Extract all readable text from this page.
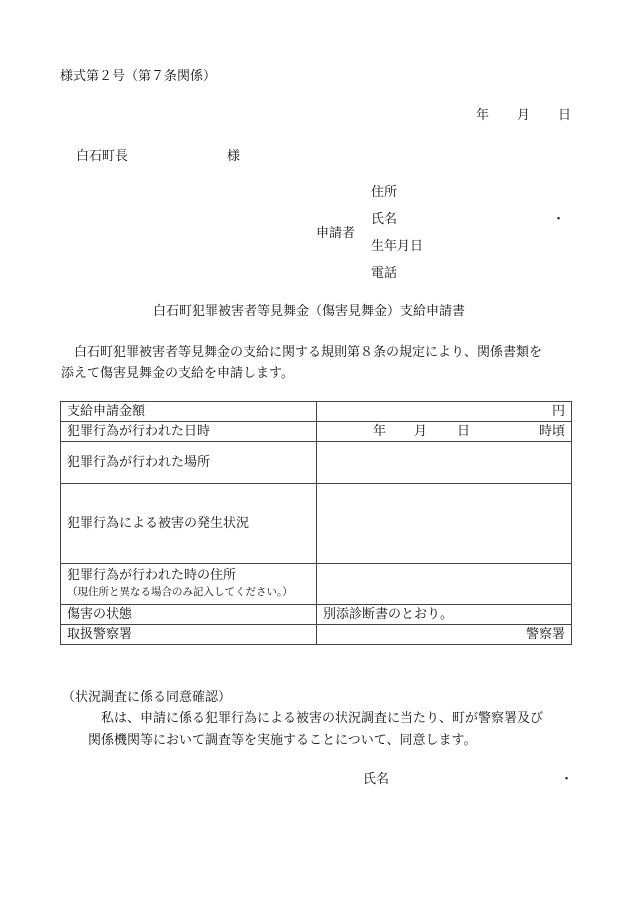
様式第２号（第７条関係）
年 月 日
白石町長	様
申請者
住所
氏名	・
生年月日
電話
白石町犯罪被害者等見舞金（傷害見舞金）支給申請書
白石町犯罪被害者等見舞金の支給に関する規則第８条の規定により、関係書類を
添えて傷害見舞金の支給を申請します。
支給申請金額	円
犯罪行為が行われた日時	年 月 日 時頃

犯罪行為が行われた場所	
犯罪行為による被害の発生状況	

犯罪行為が行われた時の住所
（現住所と異なる場合のみ記入してください。）	

傷害の状態	別添診断書のとおり。
取扱警察署	警察署
（状況調査に係る同意確認）
私は、申請に係る犯罪行為による被害の状況調査に当たり、町が警察署及び
関係機関等において調査等を実施することについて、同意します。
氏名	・
